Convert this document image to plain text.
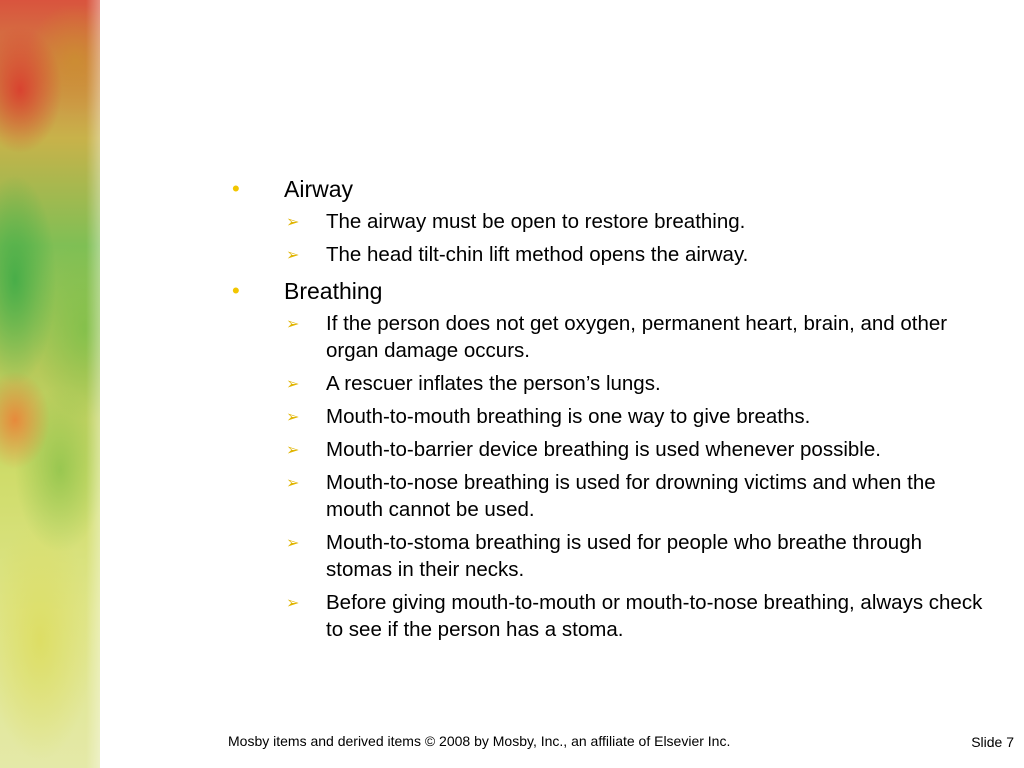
• Airway
➢ The airway must be open to restore breathing.
➢ The head tilt-chin lift method opens the airway.
• Breathing
➢ If the person does not get oxygen, permanent heart, brain, and other organ damage occurs.
➢ A rescuer inflates the person’s lungs.
➢ Mouth-to-mouth breathing is one way to give breaths.
➢ Mouth-to-barrier device breathing is used whenever possible.
➢ Mouth-to-nose breathing is used for drowning victims and when the mouth cannot be used.
➢ Mouth-to-stoma breathing is used for people who breathe through stomas in their necks.
➢ Before giving mouth-to-mouth or mouth-to-nose breathing, always check to see if the person has a stoma.
Mosby items and derived items © 2008 by Mosby, Inc., an affiliate of Elsevier Inc.	Slide 7
